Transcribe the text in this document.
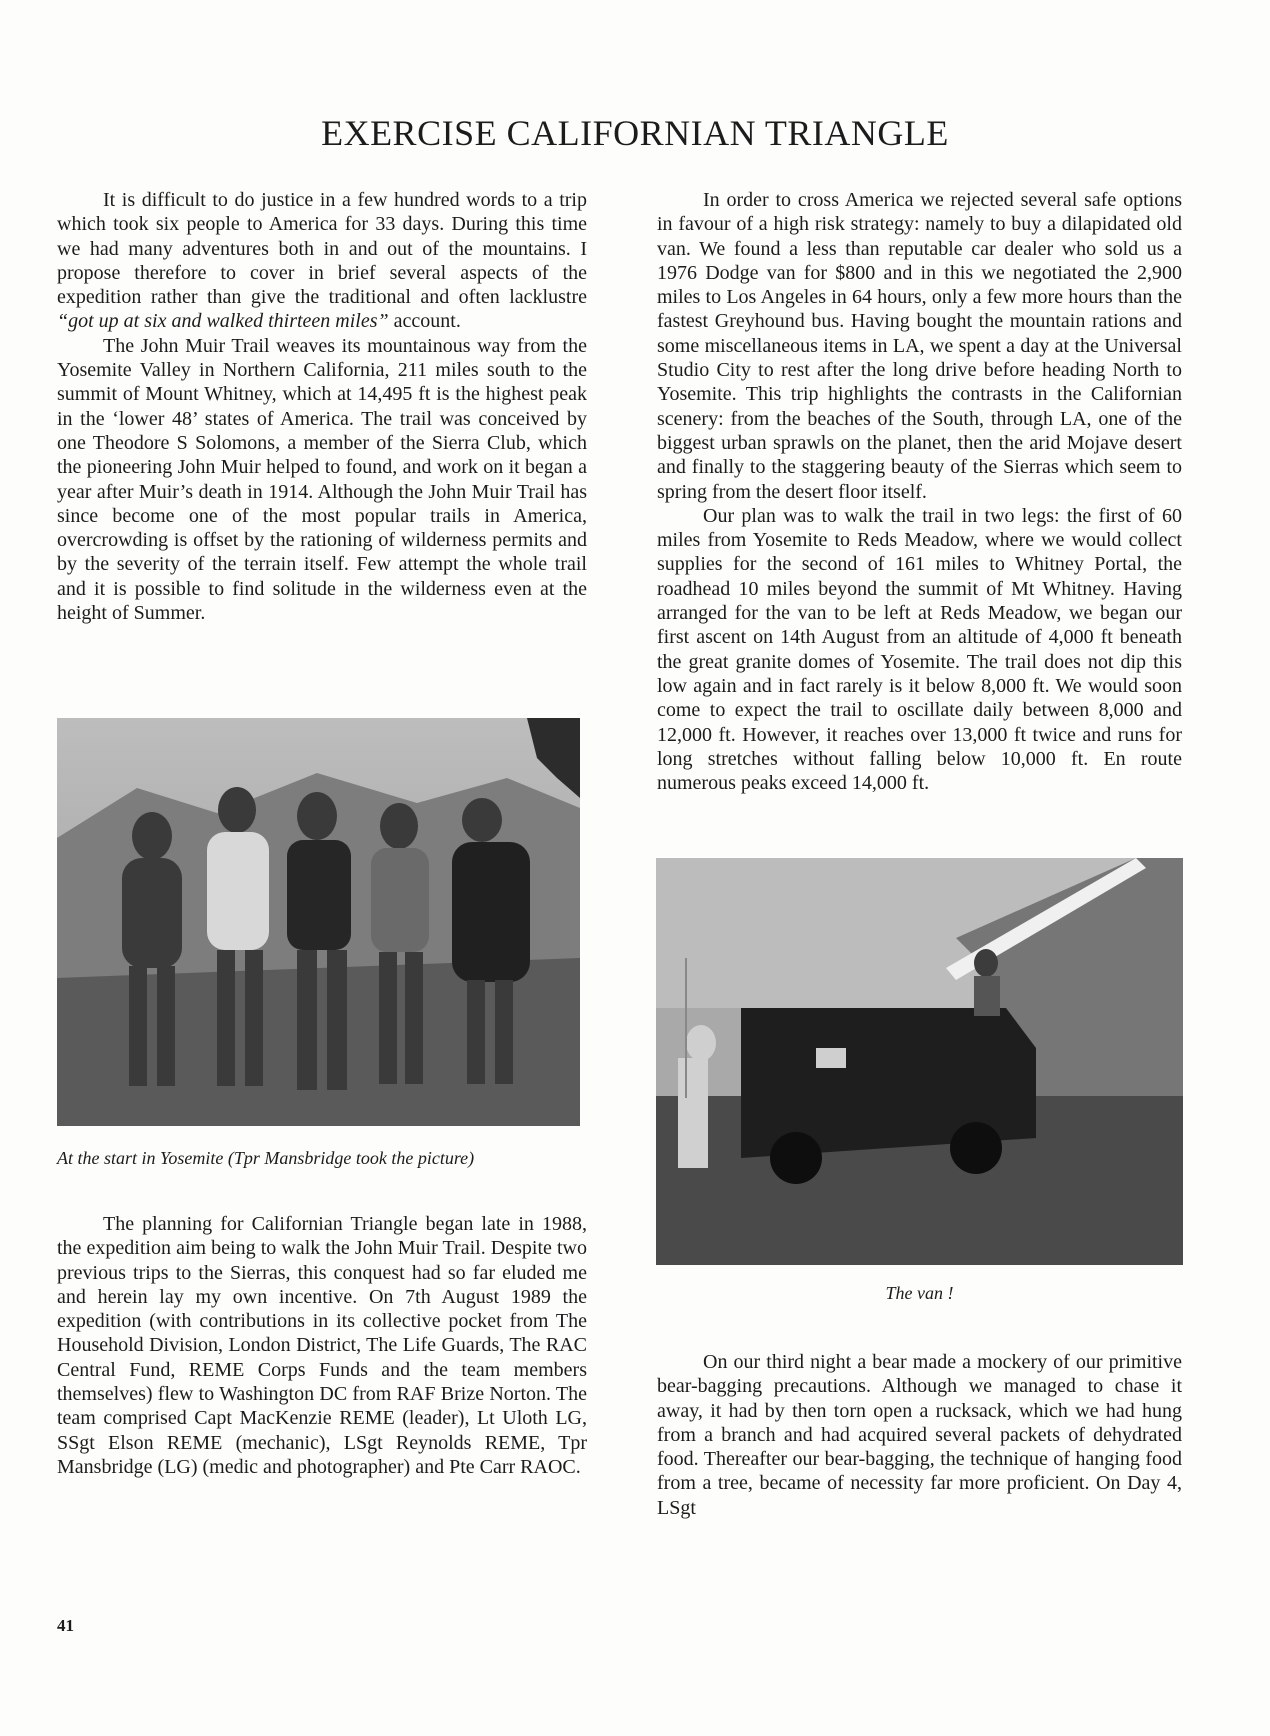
EXERCISE CALIFORNIAN TRIANGLE

It is difficult to do justice in a few hundred words to a trip which took six people to America for 33 days. During this time we had many adventures both in and out of the mountains. I propose therefore to cover in brief several aspects of the expedition rather than give the traditional and often lacklustre “got up at six and walked thirteen miles” account.

The John Muir Trail weaves its mountainous way from the Yosemite Valley in Northern California, 211 miles south to the summit of Mount Whitney, which at 14,495 ft is the highest peak in the ‘lower 48’ states of America. The trail was conceived by one Theodore S Solomons, a member of the Sierra Club, which the pioneering John Muir helped to found, and work on it began a year after Muir’s death in 1914. Although the John Muir Trail has since become one of the most popular trails in America, overcrowding is offset by the rationing of wilderness permits and by the severity of the terrain itself. Few attempt the whole trail and it is possible to find solitude in the wilderness even at the height of Summer.

At the start in Yosemite (Tpr Mansbridge took the picture)

The planning for Californian Triangle began late in 1988, the expedition aim being to walk the John Muir Trail. Despite two previous trips to the Sierras, this conquest had so far eluded me and herein lay my own incentive. On 7th August 1989 the expedition (with contributions in its collective pocket from The Household Division, London District, The Life Guards, The RAC Central Fund, REME Corps Funds and the team members themselves) flew to Washington DC from RAF Brize Norton. The team comprised Capt MacKenzie REME (leader), Lt Uloth LG, SSgt Elson REME (mechanic), LSgt Reynolds REME, Tpr Mansbridge (LG) (medic and photographer) and Pte Carr RAOC.

In order to cross America we rejected several safe options in favour of a high risk strategy: namely to buy a dilapidated old van. We found a less than reputable car dealer who sold us a 1976 Dodge van for $800 and in this we negotiated the 2,900 miles to Los Angeles in 64 hours, only a few more hours than the fastest Greyhound bus. Having bought the mountain rations and some miscellaneous items in LA, we spent a day at the Universal Studio City to rest after the long drive before heading North to Yosemite. This trip highlights the contrasts in the Californian scenery: from the beaches of the South, through LA, one of the biggest urban sprawls on the planet, then the arid Mojave desert and finally to the staggering beauty of the Sierras which seem to spring from the desert floor itself.

Our plan was to walk the trail in two legs: the first of 60 miles from Yosemite to Reds Meadow, where we would collect supplies for the second of 161 miles to Whitney Portal, the roadhead 10 miles beyond the summit of Mt Whitney. Having arranged for the van to be left at Reds Meadow, we began our first ascent on 14th August from an altitude of 4,000 ft beneath the great granite domes of Yosemite. The trail does not dip this low again and in fact rarely is it below 8,000 ft. We would soon come to expect the trail to oscillate daily between 8,000 and 12,000 ft. However, it reaches over 13,000 ft twice and runs for long stretches without falling below 10,000 ft. En route numerous peaks exceed 14,000 ft.

The van !

On our third night a bear made a mockery of our primitive bear-bagging precautions. Although we managed to chase it away, it had by then torn open a rucksack, which we had hung from a branch and had acquired several packets of dehydrated food. Thereafter our bear-bagging, the technique of hanging food from a tree, became of necessity far more proficient. On Day 4, LSgt

41
